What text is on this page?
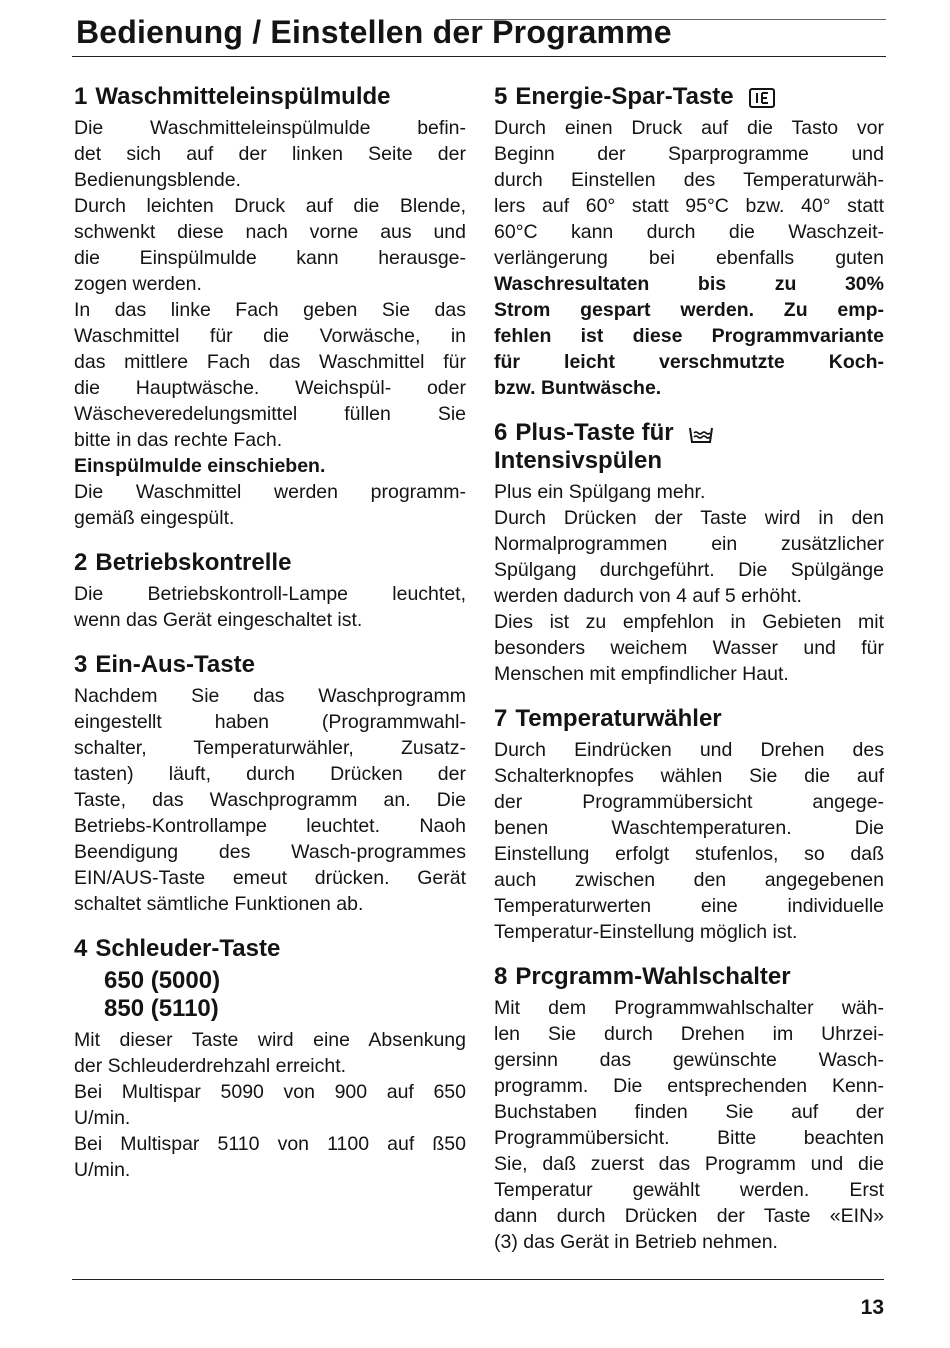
Bedienung / Einstellen der Programme
1 Waschmitteleinspülmulde
Die Waschmitteleinspülmulde befin-
det sich auf der linken Seite der
Bedienungsblende.
Durch leichten Druck auf die Blende,
schwenkt diese nach vorne aus und
die Einspülmulde kann herausge-
zogen werden.
In das linke Fach geben Sie das
Waschmittel für die Vorwäsche, in
das mittlere Fach das Waschmittel für
die Hauptwäsche. Weichspül- oder
Wäscheveredelungsmittel füllen Sie
bitte in das rechte Fach.
Einspülmulde einschieben.
Die Waschmittel werden programm-
gemäß eingespült.
2 Betriebskontrelle
Die Betriebskontroll-Lampe leuchtet,
wenn das Gerät eingeschaltet ist.
3 Ein-Aus-Taste
Nachdem Sie das Waschprogramm
eingestellt haben (Programmwahl-
schalter, Temperaturwähler, Zusatz-
tasten) läuft, durch Drücken der
Taste, das Waschprogramm an. Die
Betriebs-Kontrollampe leuchtet. Naoh
Beendigung des Wasch-programmes
EIN/AUS-Taste emeut drücken. Gerät
schaltet sämtliche Funktionen ab.
4 Schleuder-Taste
650 (5000)
850 (5110)
Mit dieser Taste wird eine Absenkung
der Schleuderdrehzahl erreicht.
Bei Multispar 5090 von 900 auf 650
U/min.
Bei Multispar 5110 von 1100 auf ß50
U/min.
5 Energie-Spar-Taste
Durch einen Druck auf die Tasto vor
Beginn der Sparprogramme und
durch Einstellen des Temperaturwäh-
lers auf 60° statt 95°C bzw. 40° statt
60°C kann durch die Waschzeit-
verlängerung bei ebenfalls guten
Waschresultaten bis zu 30%
Strom gespart werden. Zu emp-
fehlen ist diese Programmvariante
für leicht verschmutzte Koch-
bzw. Buntwäsche.
6 Plus-Taste für
Intensivspülen
Plus ein Spülgang mehr.
Durch Drücken der Taste wird in den
Normalprogrammen ein zusätzlicher
Spülgang durchgeführt. Die Spülgänge
werden dadurch von 4 auf 5 erhöht.
Dies ist zu empfehlon in Gebieten mit
besonders weichem Wasser und für
Menschen mit empfindlicher Haut.
7 Temperaturwähler
Durch Eindrücken und Drehen des
Schalterknopfes wählen Sie die auf
der Programmübersicht angege-
benen Waschtemperaturen. Die
Einstellung erfolgt stufenlos, so daß
auch zwischen den angegebenen
Temperaturwerten eine individuelle
Temperatur-Einstellung möglich ist.
8 Prcgramm-Wahlschalter
Mit dem Programmwahlschalter wäh-
len Sie durch Drehen im Uhrzei-
gersinn das gewünschte Wasch-
programm. Die entsprechenden Kenn-
Buchstaben finden Sie auf der
Programmübersicht. Bitte beachten
Sie, daß zuerst das Programm und die
Temperatur gewählt werden. Erst
dann durch Drücken der Taste «EIN»
(3) das Gerät in Betrieb nehmen.
13
